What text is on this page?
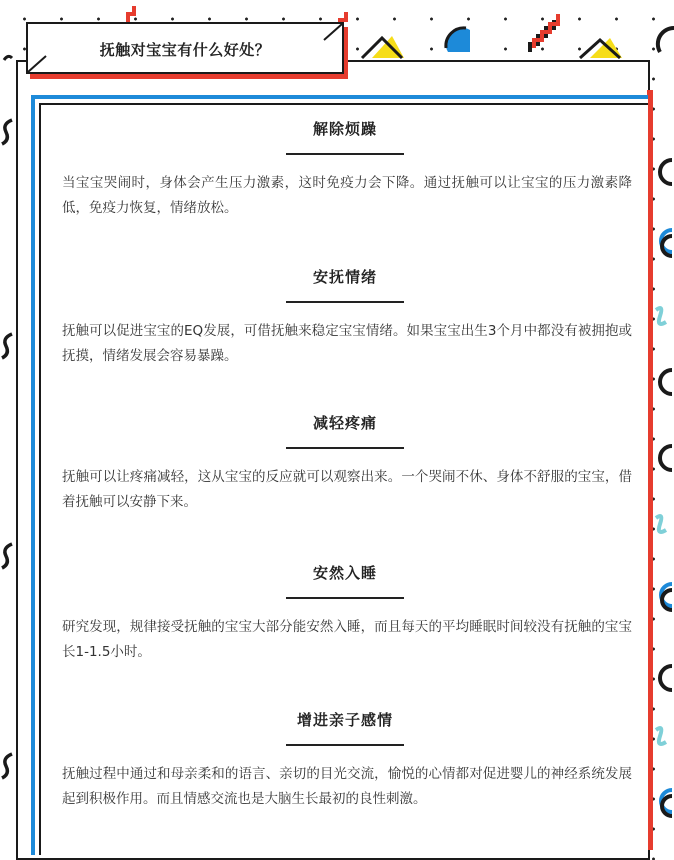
抚触对宝宝有什么好处？
解除烦躁

当宝宝哭闹时，身体会产生压力激素，这时免疫力会下降。通过抚触可以让宝宝的压力激素降低，免疫力恢复，情绪放松。

安抚情绪

抚触可以促进宝宝的EQ发展，可借抚触来稳定宝宝情绪。如果宝宝出生3个月中都没有被拥抱或抚摸，情绪发展会容易暴躁。

减轻疼痛

抚触可以让疼痛减轻，这从宝宝的反应就可以观察出来。一个哭闹不休、身体不舒服的宝宝，借着抚触可以安静下来。

安然入睡

研究发现，规律接受抚触的宝宝大部分能安然入睡，而且每天的平均睡眠时间较没有抚触的宝宝长1-1.5小时。

增进亲子感情

抚触过程中通过和母亲柔和的语言、亲切的目光交流，愉悦的心情都对促进婴儿的神经系统发展起到积极作用。而且情感交流也是大脑生长最初的良性刺激。
